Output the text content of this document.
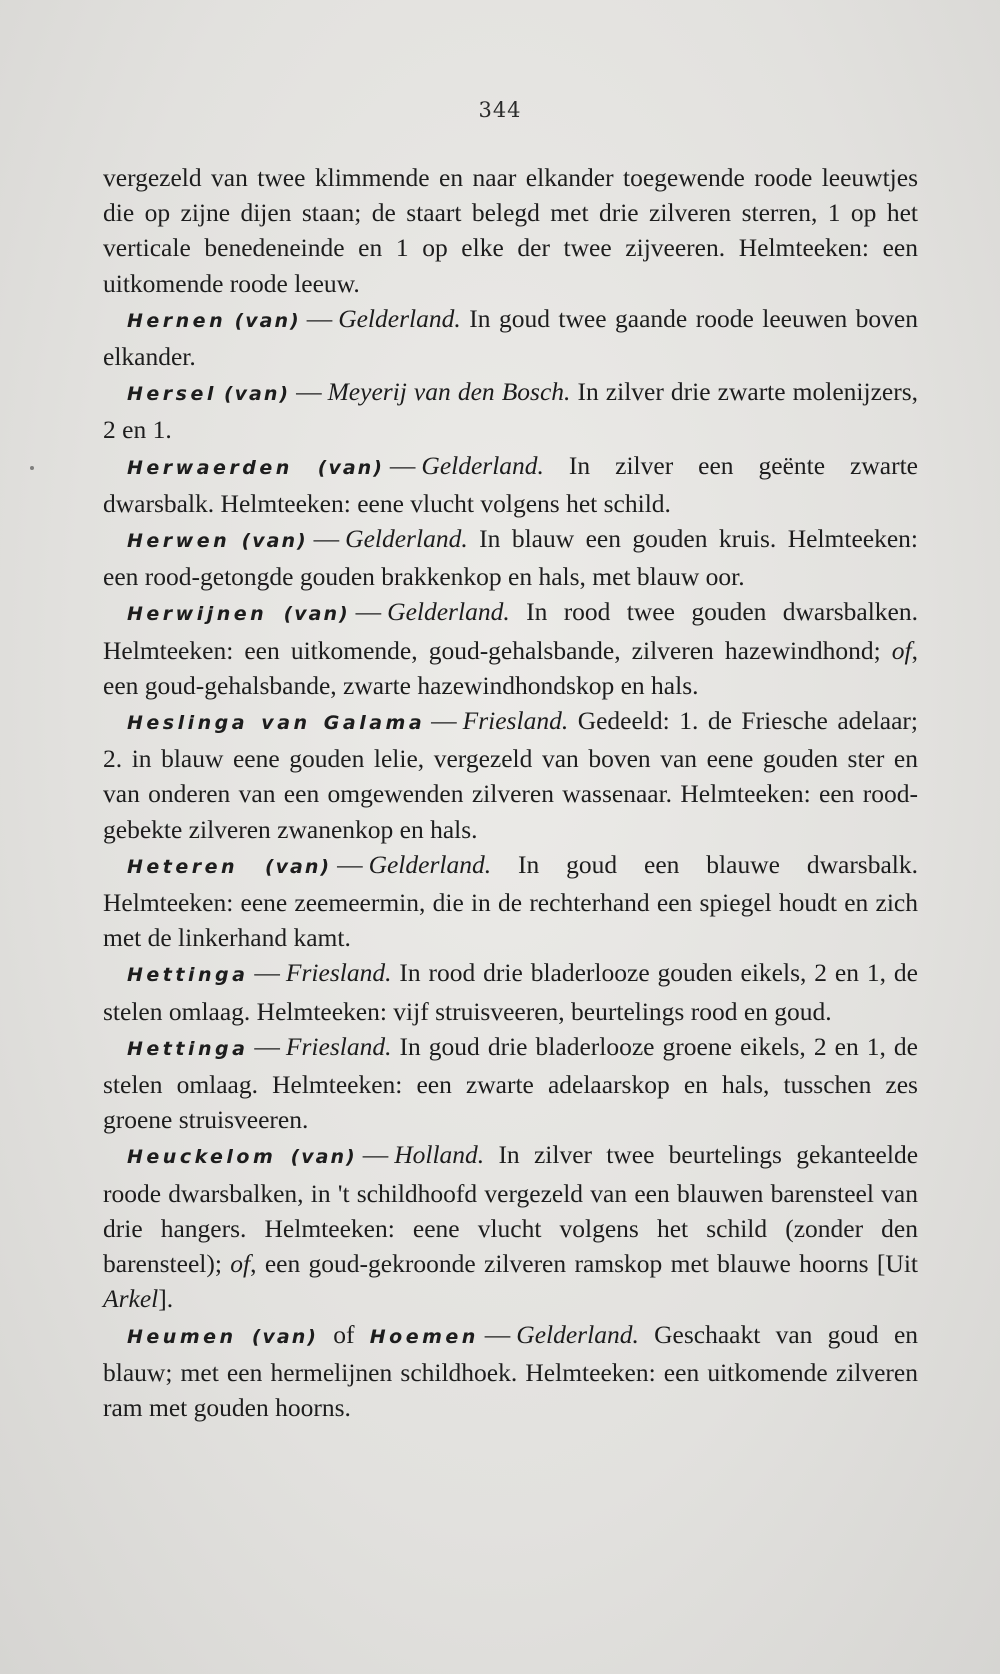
344

vergezeld van twee klimmende en naar elkander toegewende roode leeuwtjes die op zijne dijen staan; de staart belegd met drie zilveren sterren, 1 op het verticale benedeneinde en 1 op elke der twee zijveeren. Helmteeken: een uitkomende roode leeuw.

Hernen (van) — Gelderland. In goud twee gaande roode leeuwen boven elkander.

Hersel (van) — Meyerij van den Bosch. In zilver drie zwarte molenijzers, 2 en 1.

Herwaerden (van) — Gelderland. In zilver een geënte zwarte dwarsbalk. Helmteeken: eene vlucht volgens het schild.

Herwen (van) — Gelderland. In blauw een gouden kruis. Helmteeken: een rood-getongde gouden brakkenkop en hals, met blauw oor.

Herwijnen (van) — Gelderland. In rood twee gouden dwarsbalken. Helmteeken: een uitkomende, goud-gehalsbande, zilveren hazewindhond; of, een goud-gehalsbande, zwarte hazewindhondskop en hals.

Heslinga van Galama — Friesland. Gedeeld: 1. de Friesche adelaar; 2. in blauw eene gouden lelie, vergezeld van boven van eene gouden ster en van onderen van een omgewenden zilveren wassenaar. Helmteeken: een rood-gebekte zilveren zwanenkop en hals.

Heteren (van) — Gelderland. In goud een blauwe dwarsbalk. Helmteeken: eene zeemeermin, die in de rechterhand een spiegel houdt en zich met de linkerhand kamt.

Hettinga — Friesland. In rood drie bladerlooze gouden eikels, 2 en 1, de stelen omlaag. Helmteeken: vijf struisveeren, beurtelings rood en goud.

Hettinga — Friesland. In goud drie bladerlooze groene eikels, 2 en 1, de stelen omlaag. Helmteeken: een zwarte adelaarskop en hals, tusschen zes groene struisveeren.

Heuckelom (van) — Holland. In zilver twee beurtelings gekanteelde roode dwarsbalken, in 't schildhoofd vergezeld van een blauwen barensteel van drie hangers. Helmteeken: eene vlucht volgens het schild (zonder den barensteel); of, een goud-gekroonde zilveren ramskop met blauwe hoorns [Uit Arkel].

Heumen (van) of Hoemen — Gelderland. Geschaakt van goud en blauw; met een hermelijnen schildhoek. Helmteeken: een uitkomende zilveren ram met gouden hoorns.
